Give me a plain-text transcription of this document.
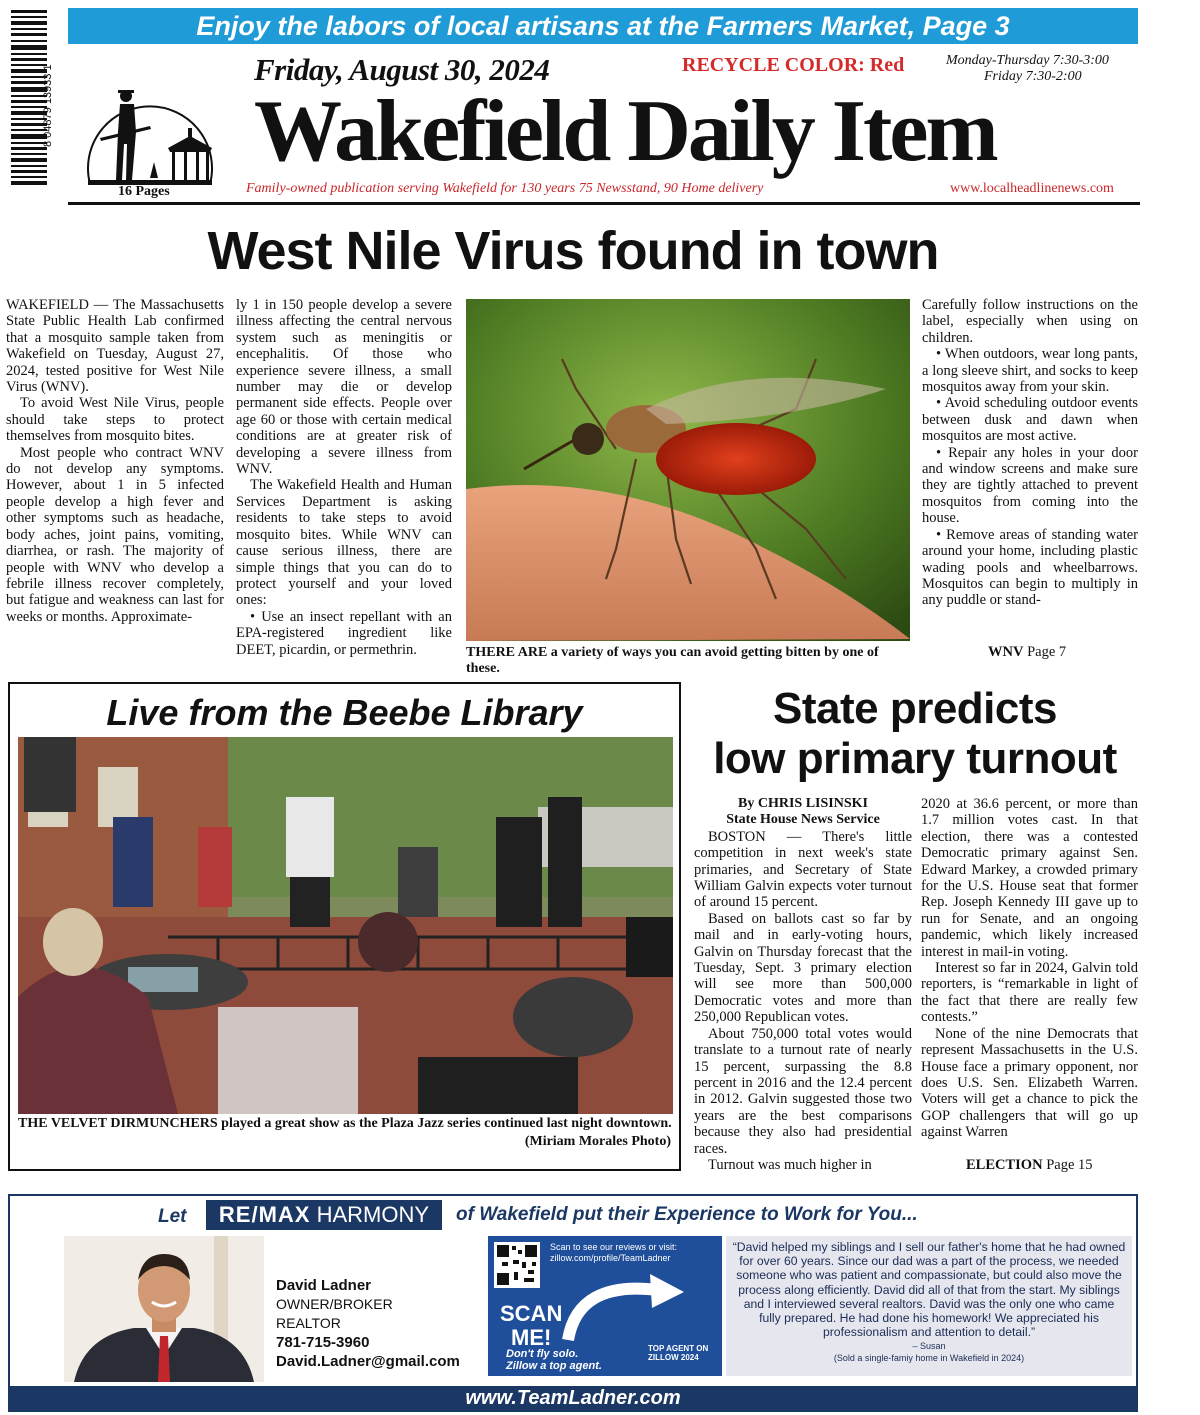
Enjoy the labors of local artisans at the Farmers Market, Page 3
8 04879 13933 1
16 Pages
Friday, August 30, 2024	RECYCLE COLOR: Red	Monday-Thursday 7:30-3:00
Friday 7:30-2:00
Wakefield Daily Item
Family-owned publication serving Wakefield for 130 years 75 Newsstand, 90 Home delivery	www.localheadlinenews.com
West Nile Virus found in town

WAKEFIELD — The Massachusetts State Public Health Lab confirmed that a mosquito sample taken from Wakefield on Tuesday, August 27, 2024, tested positive for West Nile Virus (WNV).

To avoid West Nile Virus, people should take steps to protect themselves from mosquito bites.

Most people who contract WNV do not develop any symptoms. However, about 1 in 5 infected people develop a high fever and other symptoms such as headache, body aches, joint pains, vomiting, diarrhea, or rash. The majority of people with WNV who develop a febrile illness recover completely, but fatigue and weakness can last for weeks or months. Approximate-

ly 1 in 150 people develop a severe illness affecting the central nervous system such as meningitis or encephalitis. Of those who experience severe illness, a small number may die or develop permanent side effects. People over age 60 or those with certain medical conditions are at greater risk of developing a severe illness from WNV.

The Wakefield Health and Human Services Department is asking residents to take steps to avoid mosquito bites. While WNV can cause serious illness, there are simple things that you can do to protect yourself and your loved ones:

• Use an insect repellant with an EPA-registered ingredient like DEET, picardin, or permethrin.

Carefully follow instructions on the label, especially when using on children.

• When outdoors, wear long pants, a long sleeve shirt, and socks to keep mosquitos away from your skin.

• Avoid scheduling outdoor events between dusk and dawn when mosquitos are most active.

• Repair any holes in your door and window screens and make sure they are tightly attached to prevent mosquitos from coming into the house.

• Remove areas of standing water around your home, including plastic wading pools and wheelbarrows. Mosquitos can begin to multiply in any puddle or stand-

THERE ARE a variety of ways you can avoid getting bitten by one of these.
WNV Page 7
Live from the Beebe Library
THE VELVET DIRMUNCHERS played a great show as the Plaza Jazz series continued last night downtown.
(Miriam Morales Photo)
State predicts
low primary turnout
By CHRIS LISINSKI
State House News Service

BOSTON — There's little competition in next week's state primaries, and Secretary of State William Galvin expects voter turnout of around 15 percent.

Based on ballots cast so far by mail and in early-voting hours, Galvin on Thursday forecast that the Tuesday, Sept. 3 primary election will see more than 500,000 Democratic votes and more than 250,000 Republican votes.

About 750,000 total votes would translate to a turnout rate of nearly 15 percent, surpassing the 8.8 percent in 2016 and the 12.4 percent in 2012. Galvin suggested those two years are the best comparisons because they also had presidential races.

Turnout was much higher in

2020 at 36.6 percent, or more than 1.7 million votes cast. In that election, there was a contested Democratic primary against Sen. Edward Markey, a crowded primary for the U.S. House seat that former Rep. Joseph Kennedy III gave up to run for Senate, and an ongoing pandemic, which likely increased interest in mail-in voting.

Interest so far in 2024, Galvin told reporters, is “remarkable in light of the fact that there are really few contests.”

None of the nine Democrats that represent Massachusetts in the U.S. House face a primary opponent, nor does U.S. Sen. Elizabeth Warren. Voters will get a chance to pick the GOP challengers that will go up against Warren

ELECTION Page 15
Let	RE/MAX HARMONY	of Wakefield put their Experience to Work for You...
David Ladner
OWNER/BROKER
REALTOR
781-715-3960
David.Ladner@gmail.com
Scan to see our reviews or visit:
zillow.com/profile/TeamLadner
SCAN
ME!
Don't fly solo.
Zillow a top agent.
TOP AGENT ON ZILLOW 2024
“David helped my siblings and I sell our father's home that he had owned for over 60 years. Since our dad was a part of the process, we needed someone who was patient and compassionate, but could also move the process along efficiently. David did all of that from the start. My siblings and I interviewed several realtors. David was the only one who came fully prepared. He had done his homework! We appreciated his professionalism and attention to detail.”
– Susan
(Sold a single-famiy home in Wakefield in 2024)
www.TeamLadner.com
